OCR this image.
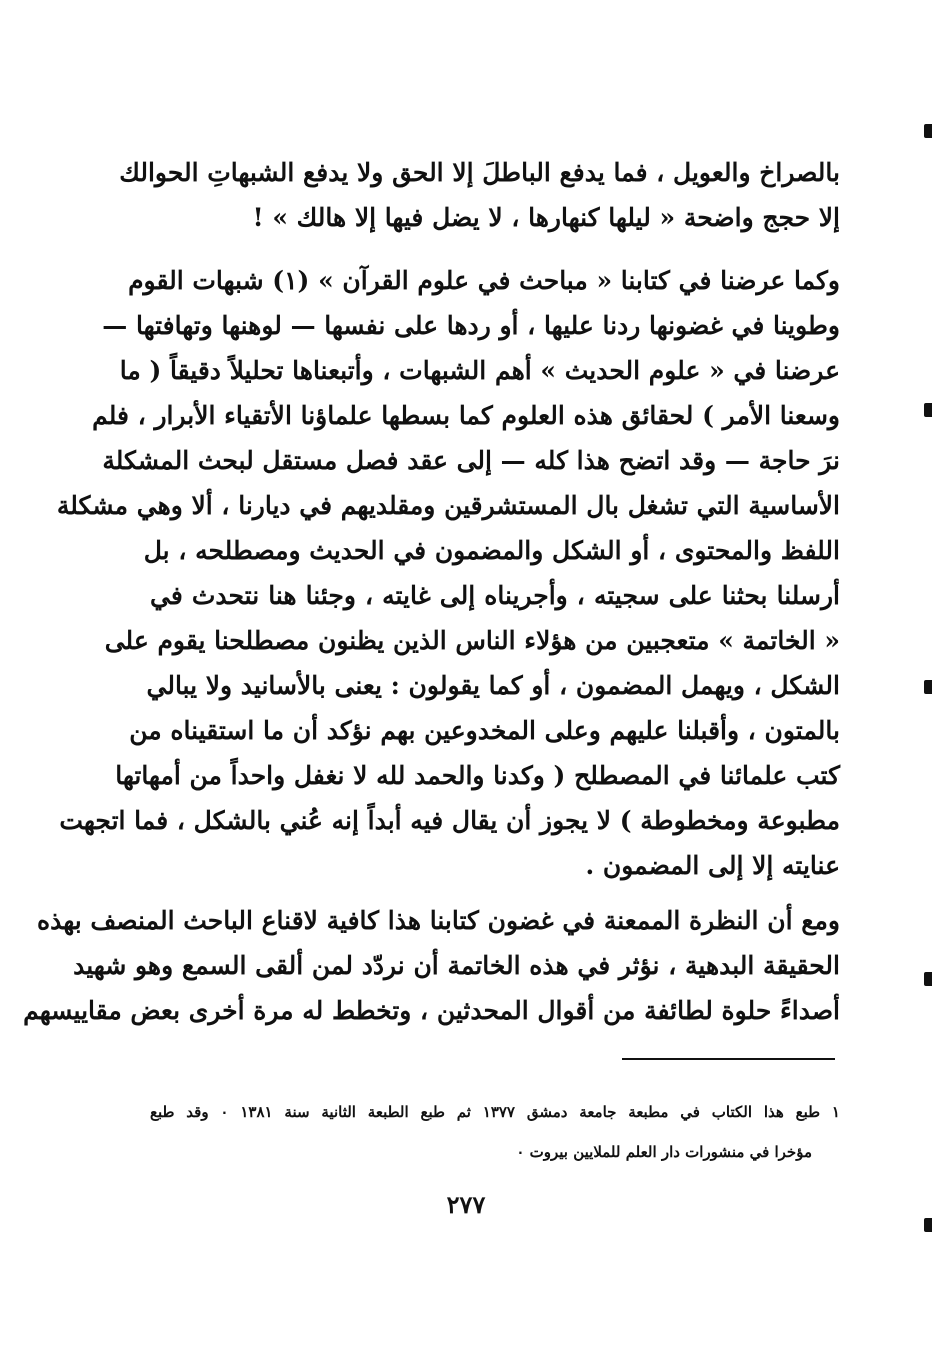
بالصراخ والعويل ، فما يدفع الباطلَ إلا الحق ولا يدفع الشبهاتِ الحوالك
إلا حجج واضحة « ليلها كنهارها ، لا يضل فيها إلا هالك » !
وكما عرضنا في كتابنا « مباحث في علوم القرآن » (١) شبهات القوم
وطوينا في غضونها ردنا عليها ، أو ردها على نفسها — لوهنها وتهافتها —
عرضنا في « علوم الحديث » أهم الشبهات ، وأتبعناها تحليلاً دقيقاً ( ما
وسعنا الأمر ) لحقائق هذه العلوم كما بسطها علماؤنا الأتقياء الأبرار ، فلم
نرَ حاجة — وقد اتضح هذا كله — إلى عقد فصل مستقل لبحث المشكلة
الأساسية التي تشغل بال المستشرقين ومقلديهم في ديارنا ، ألا وهي مشكلة
اللفظ والمحتوى ، أو الشكل والمضمون في الحديث ومصطلحه ، بل
أرسلنا بحثنا على سجيته ، وأجريناه إلى غايته ، وجئنا هنا نتحدث في
« الخاتمة » متعجبين من هؤلاء الناس الذين يظنون مصطلحنا يقوم على
الشكل ، ويهمل المضمون ، أو كما يقولون : يعنى بالأسانيد ولا يبالي
بالمتون ، وأقبلنا عليهم وعلى المخدوعين بهم نؤكد أن ما استقيناه من
كتب علمائنا في المصطلح ( وكدنا والحمد لله لا نغفل واحداً من أمهاتها
مطبوعة ومخطوطة ) لا يجوز أن يقال فيه أبداً إنه عُني بالشكل ، فما اتجهت
عنايته إلا إلى المضمون .
ومع أن النظرة الممعنة في غضون كتابنا هذا كافية لاقناع الباحث المنصف بهذه
الحقيقة البدهية ، نؤثر في هذه الخاتمة أن نردّد لمن ألقى السمع وهو شهيد
أصداءً حلوة لطائفة من أقوال المحدثين ، وتخطط له مرة أخرى بعض مقاييسهم
١ طبع هذا الكتاب في مطبعة جامعة دمشق ١٣٧٧ ثم طبع الطبعة الثانية سنة ١٣٨١ ٠ وقد طبع
مؤخرا في منشورات دار العلم للملايين بيروت ٠
٢٧٧
